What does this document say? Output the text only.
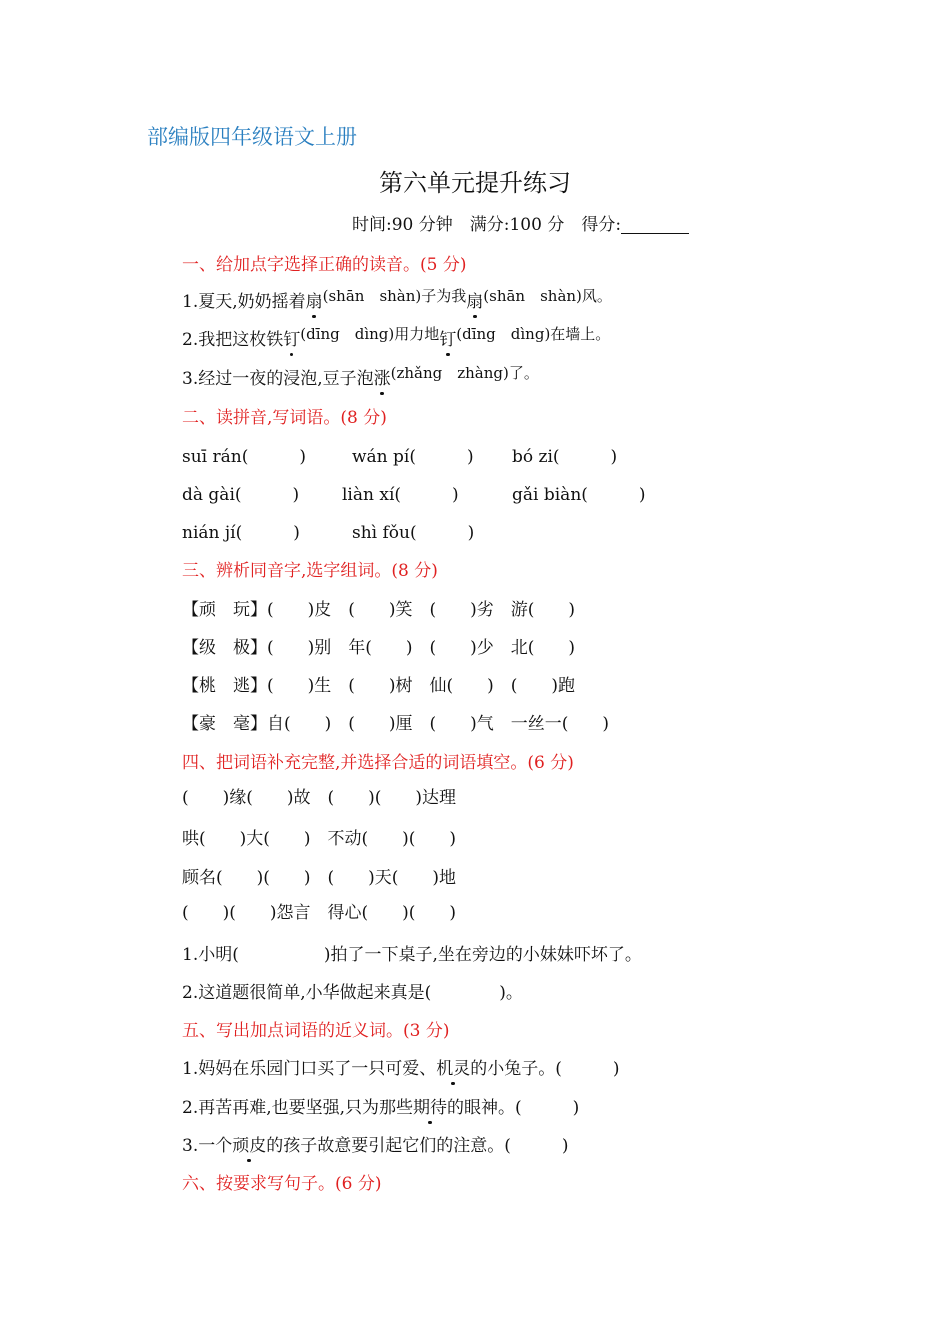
部编版四年级语文上册
第六单元提升练习
时间:90 分钟　满分:100 分　得分:
一、给加点字选择正确的读音。(5 分)
1.夏天,奶奶摇着扇(shān　shàn)子为我扇(shān　shàn)风。
2.我把这枚铁钉(dīng　dìng)用力地钉(dīng　dìng)在墙上。
3.经过一夜的浸泡,豆子泡涨(zhǎng　zhàng)了。
二、读拼音,写词语。(8 分)
suī rán(　　　)	wán pí(　　　) bó zi(　　　)
dà gài(　　　)	liàn xí(　　　)	gǎi biàn(　　　)
nián jí(　　　)	shì fǒu(　　　)
三、辨析同音字,选字组词。(8 分)
【顽　玩】(　　)皮　(　　)笑　(　　)劣　游(　　)
【级　极】(　　)别　年(　　)　(　　)少　北(　　)
【桃　逃】(　　)生　(　　)树　仙(　　)　(　　)跑
【豪　毫】自(　　)　(　　)厘　(　　)气　一丝一(　　)
四、把词语补充完整,并选择合适的词语填空。(6 分)
(　　)缘(　　)故　(　　)(　　)达理
哄(　　)大(　　)　不动(　　)(　　)
顾名(　　)(　　)　(　　)天(　　)地
(　　)(　　)怨言　得心(　　)(　　)
1.小明(　　　　　)拍了一下桌子,坐在旁边的小妹妹吓坏了。
2.这道题很简单,小华做起来真是(　　　　)。
五、写出加点词语的近义词。(3 分)
1.妈妈在乐园门口买了一只可爱、机灵的小兔子。(　　　)
2.再苦再难,也要坚强,只为那些期待的眼神。(　　　)
3.一个顽皮的孩子故意要引起它们的注意。(　　　)
六、按要求写句子。(6 分)
